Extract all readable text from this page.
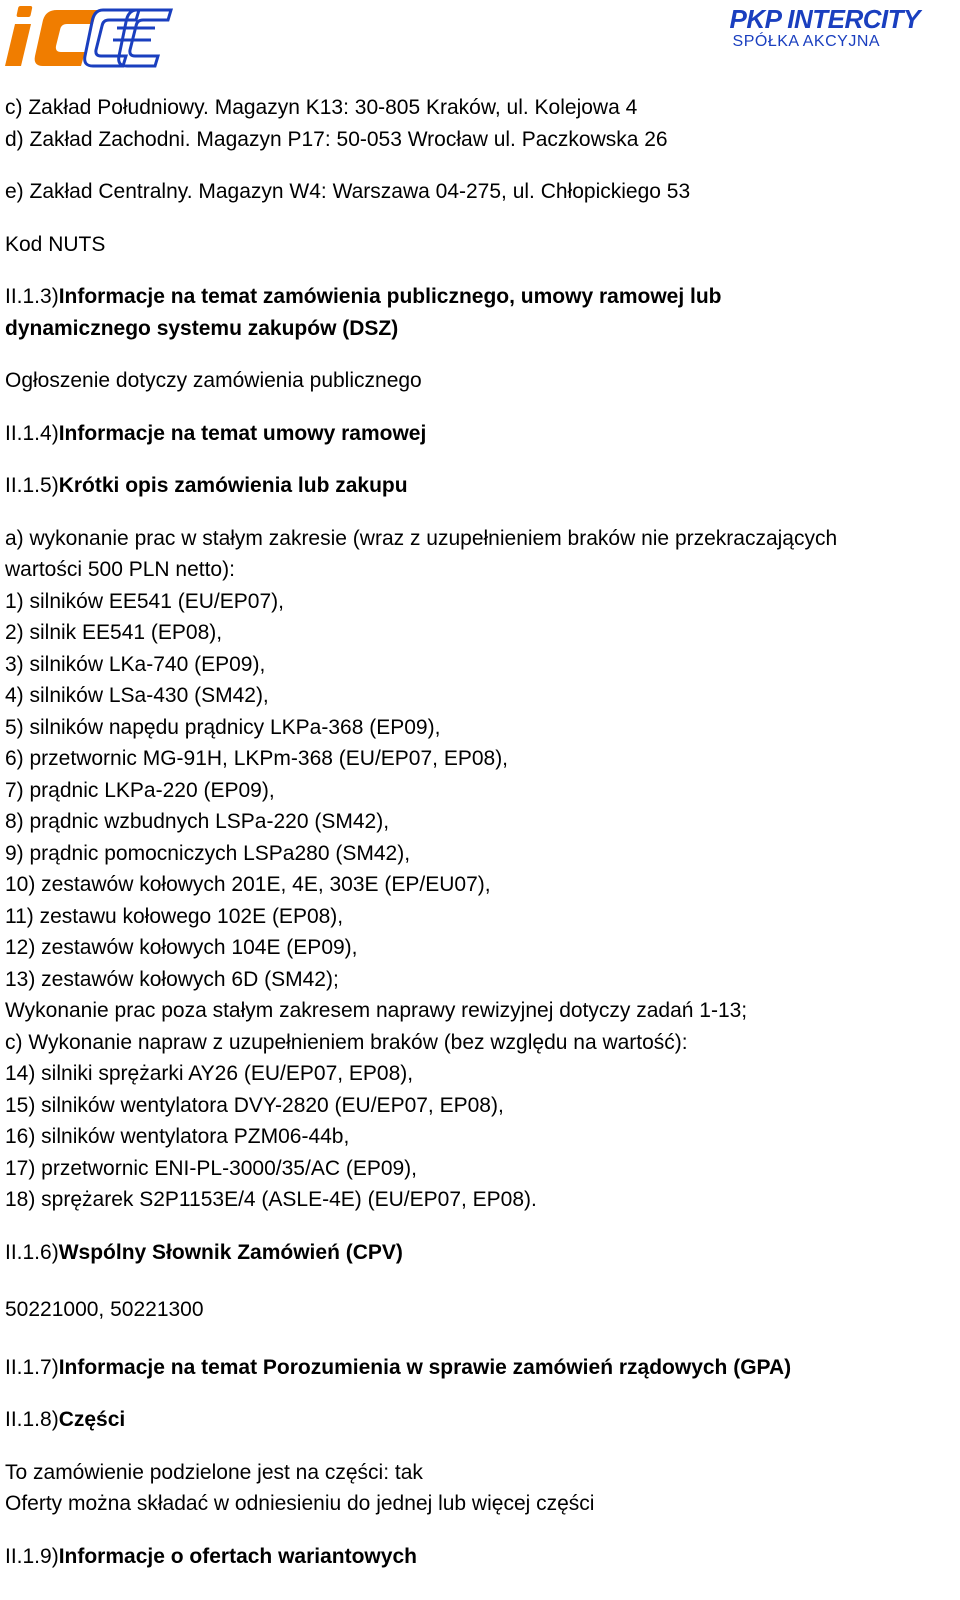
PKP INTERCITY
SPÓŁKA AKCYJNA
c) Zakład Południowy. Magazyn K13: 30-805 Kraków, ul. Kolejowa 4
d) Zakład Zachodni. Magazyn P17: 50-053 Wrocław ul. Paczkowska 26
e) Zakład Centralny. Magazyn W4: Warszawa 04-275, ul. Chłopickiego 53
Kod NUTS
II.1.3)Informacje na temat zamówienia publicznego, umowy ramowej lub
dynamicznego systemu zakupów (DSZ)
Ogłoszenie dotyczy zamówienia publicznego
II.1.4)Informacje na temat umowy ramowej
II.1.5)Krótki opis zamówienia lub zakupu
a) wykonanie prac w stałym zakresie (wraz z uzupełnieniem braków nie przekraczających
wartości 500 PLN netto):
1) silników EE541 (EU/EP07),
2) silnik EE541 (EP08),
3) silników LKa-740 (EP09),
4) silników LSa-430 (SM42),
5) silników napędu prądnicy LKPa-368 (EP09),
6) przetwornic MG-91H, LKPm-368 (EU/EP07, EP08),
7) prądnic LKPa-220 (EP09),
8) prądnic wzbudnych LSPa-220 (SM42),
9) prądnic pomocniczych LSPa280 (SM42),
10) zestawów kołowych 201E, 4E, 303E (EP/EU07),
11) zestawu kołowego 102E (EP08),
12) zestawów kołowych 104E (EP09),
13) zestawów kołowych 6D (SM42);
Wykonanie prac poza stałym zakresem naprawy rewizyjnej dotyczy zadań 1-13;
c) Wykonanie napraw z uzupełnieniem braków (bez względu na wartość):
14) silniki sprężarki AY26 (EU/EP07, EP08),
15) silników wentylatora DVY-2820 (EU/EP07, EP08),
16) silników wentylatora PZM06-44b,
17) przetwornic ENI-PL-3000/35/AC (EP09),
18) sprężarek S2P1153E/4 (ASLE-4E) (EU/EP07, EP08).
II.1.6)Wspólny Słownik Zamówień (CPV)
50221000, 50221300
II.1.7)Informacje na temat Porozumienia w sprawie zamówień rządowych (GPA)
II.1.8)Części
To zamówienie podzielone jest na części: tak
Oferty można składać w odniesieniu do jednej lub więcej części
II.1.9)Informacje o ofertach wariantowych
